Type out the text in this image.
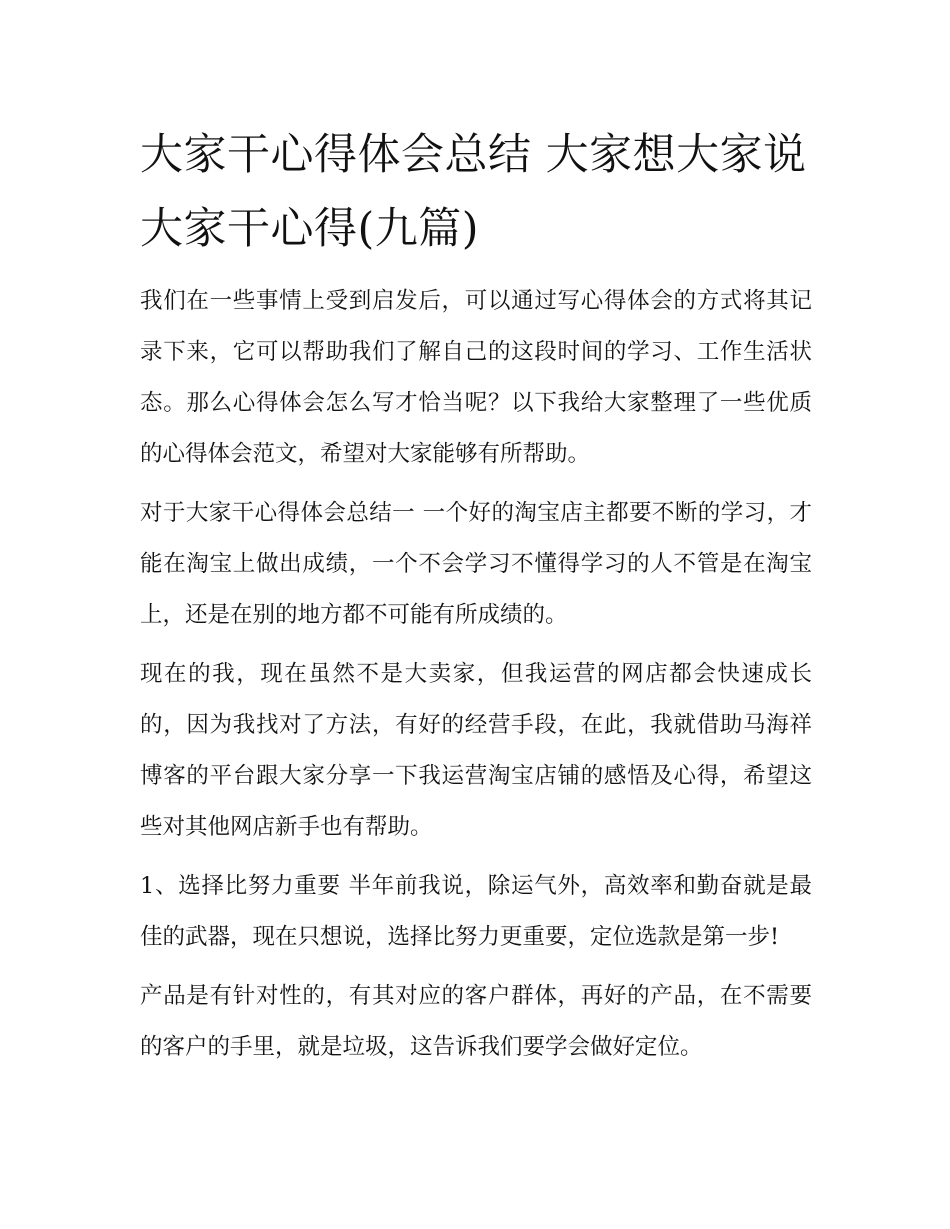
大家干心得体会总结 大家想大家说大家干心得(九篇)

我们在一些事情上受到启发后，可以通过写心得体会的方式将其记录下来，它可以帮助我们了解自己的这段时间的学习、工作生活状态。那么心得体会怎么写才恰当呢？以下我给大家整理了一些优质的心得体会范文，希望对大家能够有所帮助。

对于大家干心得体会总结一 一个好的淘宝店主都要不断的学习，才能在淘宝上做出成绩，一个不会学习不懂得学习的人不管是在淘宝上，还是在别的地方都不可能有所成绩的。

现在的我，现在虽然不是大卖家，但我运营的网店都会快速成长的，因为我找对了方法，有好的经营手段，在此，我就借助马海祥博客的平台跟大家分享一下我运营淘宝店铺的感悟及心得，希望这些对其他网店新手也有帮助。

1、选择比努力重要 半年前我说，除运气外，高效率和勤奋就是最佳的武器，现在只想说，选择比努力更重要，定位选款是第一步!

产品是有针对性的，有其对应的客户群体，再好的产品，在不需要的客户的手里，就是垃圾，这告诉我们要学会做好定位。
